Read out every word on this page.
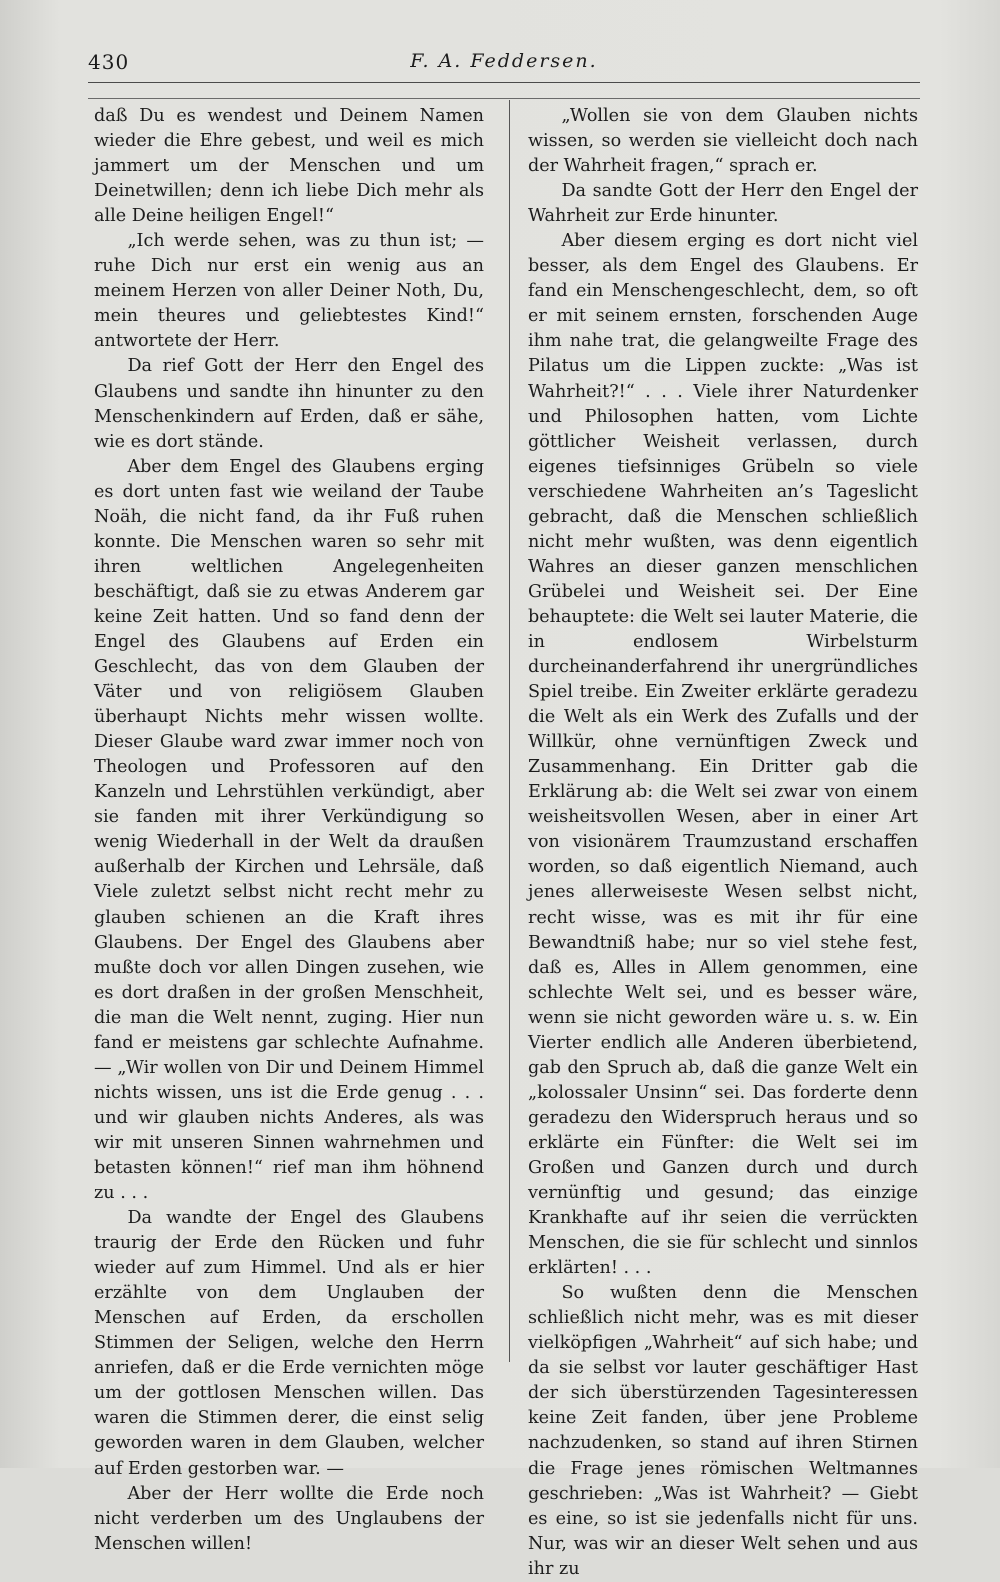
430	F. A. Feddersen.

daß Du es wendest und Deinem Namen wieder die Ehre gebest, und weil es mich jammert um der Menschen und um Deinetwillen; denn ich liebe Dich mehr als alle Deine heiligen Engel!“

„Ich werde sehen, was zu thun ist; — ruhe Dich nur erst ein wenig aus an meinem Herzen von aller Deiner Noth, Du, mein theures und geliebtestes Kind!“ antwortete der Herr.

Da rief Gott der Herr den Engel des Glaubens und sandte ihn hinunter zu den Menschenkindern auf Erden, daß er sähe, wie es dort stände.

Aber dem Engel des Glaubens erging es dort unten fast wie weiland der Taube Noäh, die nicht fand, da ihr Fuß ruhen konnte. Die Menschen waren so sehr mit ihren weltlichen Angelegenheiten beschäftigt, daß sie zu etwas Anderem gar keine Zeit hatten. Und so fand denn der Engel des Glaubens auf Erden ein Geschlecht, das von dem Glauben der Väter und von religiösem Glauben überhaupt Nichts mehr wissen wollte. Dieser Glaube ward zwar immer noch von Theologen und Professoren auf den Kanzeln und Lehrstühlen verkündigt, aber sie fanden mit ihrer Verkündigung so wenig Wiederhall in der Welt da draußen außerhalb der Kirchen und Lehrsäle, daß Viele zuletzt selbst nicht recht mehr zu glauben schienen an die Kraft ihres Glaubens. Der Engel des Glaubens aber mußte doch vor allen Dingen zusehen, wie es dort draßen in der großen Menschheit, die man die Welt nennt, zuging. Hier nun fand er meistens gar schlechte Aufnahme. — „Wir wollen von Dir und Deinem Himmel nichts wissen, uns ist die Erde genug . . . und wir glauben nichts Anderes, als was wir mit unseren Sinnen wahrnehmen und betasten können!“ rief man ihm höhnend zu . . .

Da wandte der Engel des Glaubens traurig der Erde den Rücken und fuhr wieder auf zum Himmel. Und als er hier erzählte von dem Unglauben der Menschen auf Erden, da erschollen Stimmen der Seligen, welche den Herrn anriefen, daß er die Erde vernichten möge um der gottlosen Menschen willen. Das waren die Stimmen derer, die einst selig geworden waren in dem Glauben, welcher auf Erden gestorben war. —

Aber der Herr wollte die Erde noch nicht verderben um des Unglaubens der Menschen willen!

„Wollen sie von dem Glauben nichts wissen, so werden sie vielleicht doch nach der Wahrheit fragen,“ sprach er.

Da sandte Gott der Herr den Engel der Wahrheit zur Erde hinunter.

Aber diesem erging es dort nicht viel besser, als dem Engel des Glaubens. Er fand ein Menschengeschlecht, dem, so oft er mit seinem ernsten, forschenden Auge ihm nahe trat, die gelangweilte Frage des Pilatus um die Lippen zuckte: „Was ist Wahrheit?!“ . . . Viele ihrer Naturdenker und Philosophen hatten, vom Lichte göttlicher Weisheit verlassen, durch eigenes tiefsinniges Grübeln so viele verschiedene Wahrheiten an’s Tageslicht gebracht, daß die Menschen schließlich nicht mehr wußten, was denn eigentlich Wahres an dieser ganzen menschlichen Grübelei und Weisheit sei. Der Eine behauptete: die Welt sei lauter Materie, die in endlosem Wirbelsturm durcheinanderfahrend ihr unergründliches Spiel treibe. Ein Zweiter erklärte geradezu die Welt als ein Werk des Zufalls und der Willkür, ohne vernünftigen Zweck und Zusammenhang. Ein Dritter gab die Erklärung ab: die Welt sei zwar von einem weisheitsvollen Wesen, aber in einer Art von visionärem Traumzustand erschaffen worden, so daß eigentlich Niemand, auch jenes allerweiseste Wesen selbst nicht, recht wisse, was es mit ihr für eine Bewandtniß habe; nur so viel stehe fest, daß es, Alles in Allem genommen, eine schlechte Welt sei, und es besser wäre, wenn sie nicht geworden wäre u. s. w. Ein Vierter endlich alle Anderen überbietend, gab den Spruch ab, daß die ganze Welt ein „kolossaler Unsinn“ sei. Das forderte denn geradezu den Widerspruch heraus und so erklärte ein Fünfter: die Welt sei im Großen und Ganzen durch und durch vernünftig und gesund; das einzige Krankhafte auf ihr seien die verrückten Menschen, die sie für schlecht und sinnlos erklärten! . . .

So wußten denn die Menschen schließlich nicht mehr, was es mit dieser vielköpfigen „Wahrheit“ auf sich habe; und da sie selbst vor lauter geschäftiger Hast der sich überstürzenden Tagesinteressen keine Zeit fanden, über jene Probleme nachzudenken, so stand auf ihren Stirnen die Frage jenes römischen Weltmannes geschrieben: „Was ist Wahrheit? — Giebt es eine, so ist sie jedenfalls nicht für uns. Nur, was wir an dieser Welt sehen und aus ihr zu
